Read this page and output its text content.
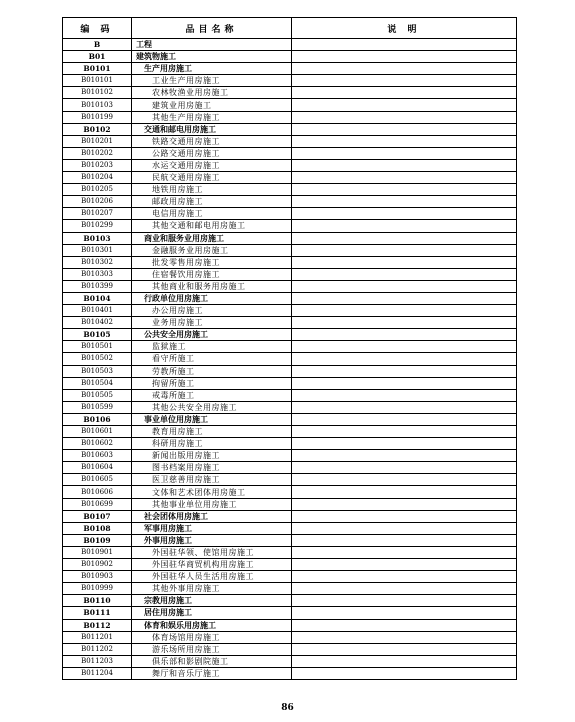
编 码	品目名称	说 明
B	工程	
B01	建筑物施工	
B0101	生产用房施工	
B010101	工业生产用房施工	
B010102	农林牧渔业用房施工	
B010103	建筑业用房施工	
B010199	其他生产用房施工	
B0102	交通和邮电用房施工	
B010201	铁路交通用房施工	
B010202	公路交通用房施工	
B010203	水运交通用房施工	
B010204	民航交通用房施工	
B010205	地铁用房施工	
B010206	邮政用房施工	
B010207	电信用房施工	
B010299	其他交通和邮电用房施工	
B0103	商业和服务业用房施工	
B010301	金融服务业用房施工	
B010302	批发零售用房施工	
B010303	住宿餐饮用房施工	
B010399	其他商业和服务用房施工	
B0104	行政单位用房施工	
B010401	办公用房施工	
B010402	业务用房施工	
B0105	公共安全用房施工	
B010501	监狱施工	
B010502	看守所施工	
B010503	劳教所施工	
B010504	拘留所施工	
B010505	戒毒所施工	
B010599	其他公共安全用房施工	
B0106	事业单位用房施工	
B010601	教育用房施工	
B010602	科研用房施工	
B010603	新闻出版用房施工	
B010604	图书档案用房施工	
B010605	医卫慈善用房施工	
B010606	文体和艺术团体用房施工	
B010699	其他事业单位用房施工	
B0107	社会团体用房施工	
B0108	军事用房施工	
B0109	外事用房施工	
B010901	外国驻华领、使馆用房施工	
B010902	外国驻华商贸机构用房施工	
B010903	外国驻华人员生活用房施工	
B010999	其他外事用房施工	
B0110	宗教用房施工	
B0111	居住用房施工	
B0112	体育和娱乐用房施工	
B011201	体育场馆用房施工	
B011202	游乐场所用房施工	
B011203	俱乐部和影剧院施工	
B011204	舞厅和音乐厅施工	
86
